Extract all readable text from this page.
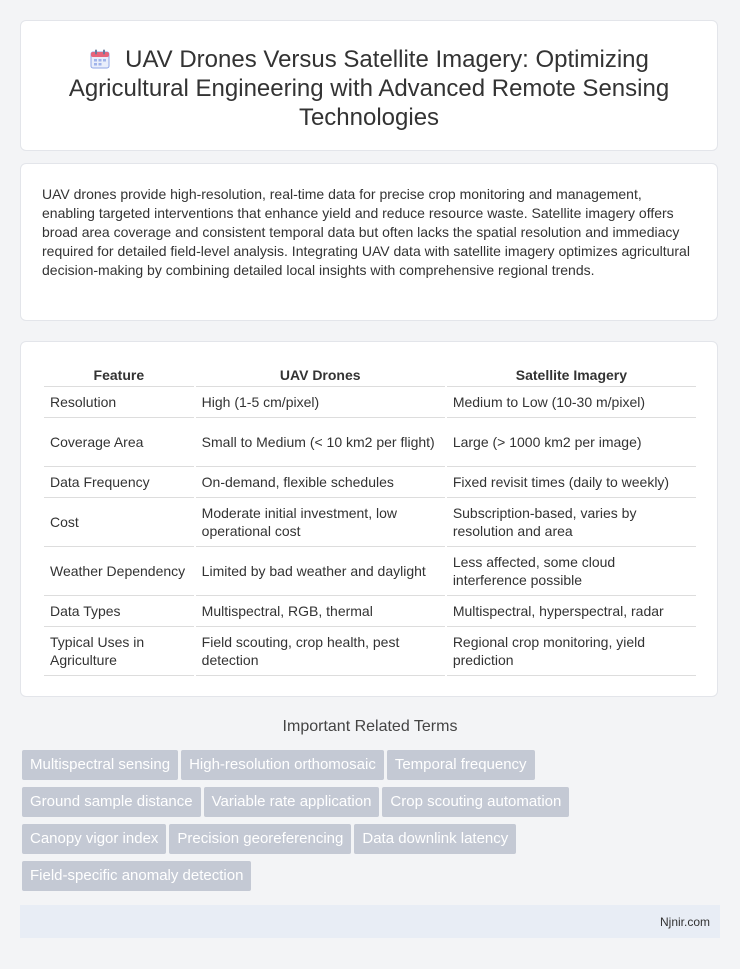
UAV Drones Versus Satellite Imagery: Optimizing Agricultural Engineering with Advanced Remote Sensing Technologies

UAV drones provide high-resolution, real-time data for precise crop monitoring and management, enabling targeted interventions that enhance yield and reduce resource waste. Satellite imagery offers broad area coverage and consistent temporal data but often lacks the spatial resolution and immediacy required for detailed field-level analysis. Integrating UAV data with satellite imagery optimizes agricultural decision-making by combining detailed local insights with comprehensive regional trends.

Feature	UAV Drones	Satellite Imagery
Resolution	High (1-5 cm/pixel)	Medium to Low (10-30 m/pixel)
Coverage Area	Small to Medium (< 10 km2 per flight)	Large (> 1000 km2 per image)
Data Frequency	On-demand, flexible schedules	Fixed revisit times (daily to weekly)
Cost	Moderate initial investment, low operational cost	Subscription-based, varies by resolution and area
Weather Dependency	Limited by bad weather and daylight	Less affected, some cloud interference possible
Data Types	Multispectral, RGB, thermal	Multispectral, hyperspectral, radar
Typical Uses in Agriculture	Field scouting, crop health, pest detection	Regional crop monitoring, yield prediction
Important Related Terms
Multispectral sensing High-resolution orthomosaic Temporal frequency
Ground sample distance Variable rate application Crop scouting automation
Canopy vigor index Precision georeferencing Data downlink latency
Field-specific anomaly detection
Njnir.com
